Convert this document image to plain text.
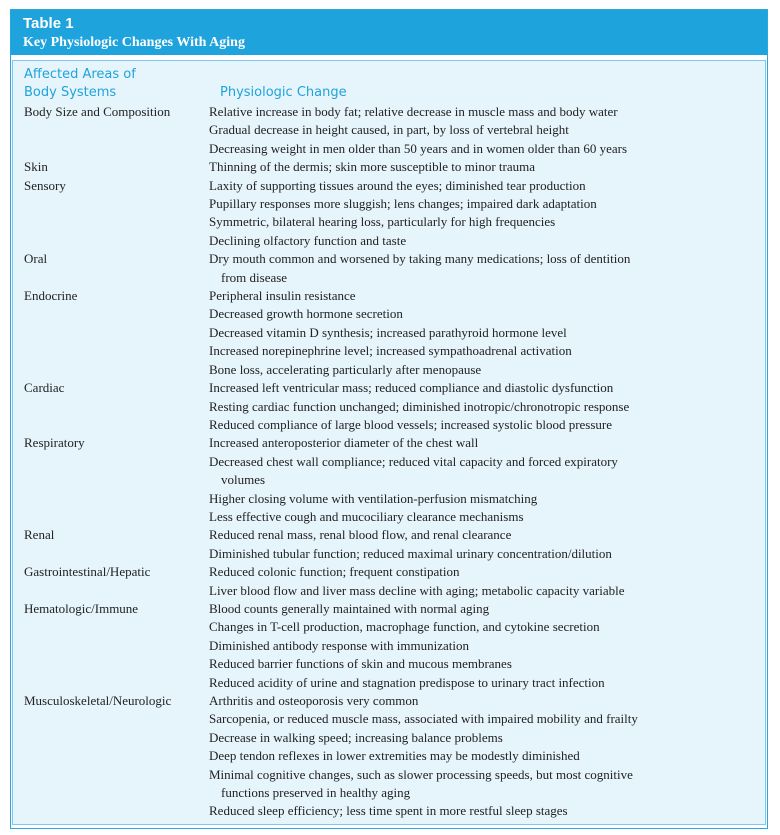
Table 1
Key Physiologic Changes With Aging
Affected Areas of
Body Systems	Physiologic Change
Body Size and Composition	Relative increase in body fat; relative decrease in muscle mass and body water
Gradual decrease in height caused, in part, by loss of vertebral height
Decreasing weight in men older than 50 years and in women older than 60 years
Skin	Thinning of the dermis; skin more susceptible to minor trauma
Sensory	Laxity of supporting tissues around the eyes; diminished tear production
Pupillary responses more sluggish; lens changes; impaired dark adaptation
Symmetric, bilateral hearing loss, particularly for high frequencies
Declining olfactory function and taste
Oral	Dry mouth common and worsened by taking many medications; loss of dentition
from disease
Endocrine	Peripheral insulin resistance
Decreased growth hormone secretion
Decreased vitamin D synthesis; increased parathyroid hormone level
Increased norepinephrine level; increased sympathoadrenal activation
Bone loss, accelerating particularly after menopause
Cardiac	Increased left ventricular mass; reduced compliance and diastolic dysfunction
Resting cardiac function unchanged; diminished inotropic/chronotropic response
Reduced compliance of large blood vessels; increased systolic blood pressure
Respiratory	Increased anteroposterior diameter of the chest wall
Decreased chest wall compliance; reduced vital capacity and forced expiratory
volumes
Higher closing volume with ventilation-perfusion mismatching
Less effective cough and mucociliary clearance mechanisms
Renal	Reduced renal mass, renal blood flow, and renal clearance
Diminished tubular function; reduced maximal urinary concentration/dilution
Gastrointestinal/Hepatic	Reduced colonic function; frequent constipation
Liver blood flow and liver mass decline with aging; metabolic capacity variable
Hematologic/Immune	Blood counts generally maintained with normal aging
Changes in T-cell production, macrophage function, and cytokine secretion
Diminished antibody response with immunization
Reduced barrier functions of skin and mucous membranes
Reduced acidity of urine and stagnation predispose to urinary tract infection
Musculoskeletal/Neurologic	Arthritis and osteoporosis very common
Sarcopenia, or reduced muscle mass, associated with impaired mobility and frailty
Decrease in walking speed; increasing balance problems
Deep tendon reflexes in lower extremities may be modestly diminished
Minimal cognitive changes, such as slower processing speeds, but most cognitive
functions preserved in healthy aging
Reduced sleep efficiency; less time spent in more restful sleep stages
